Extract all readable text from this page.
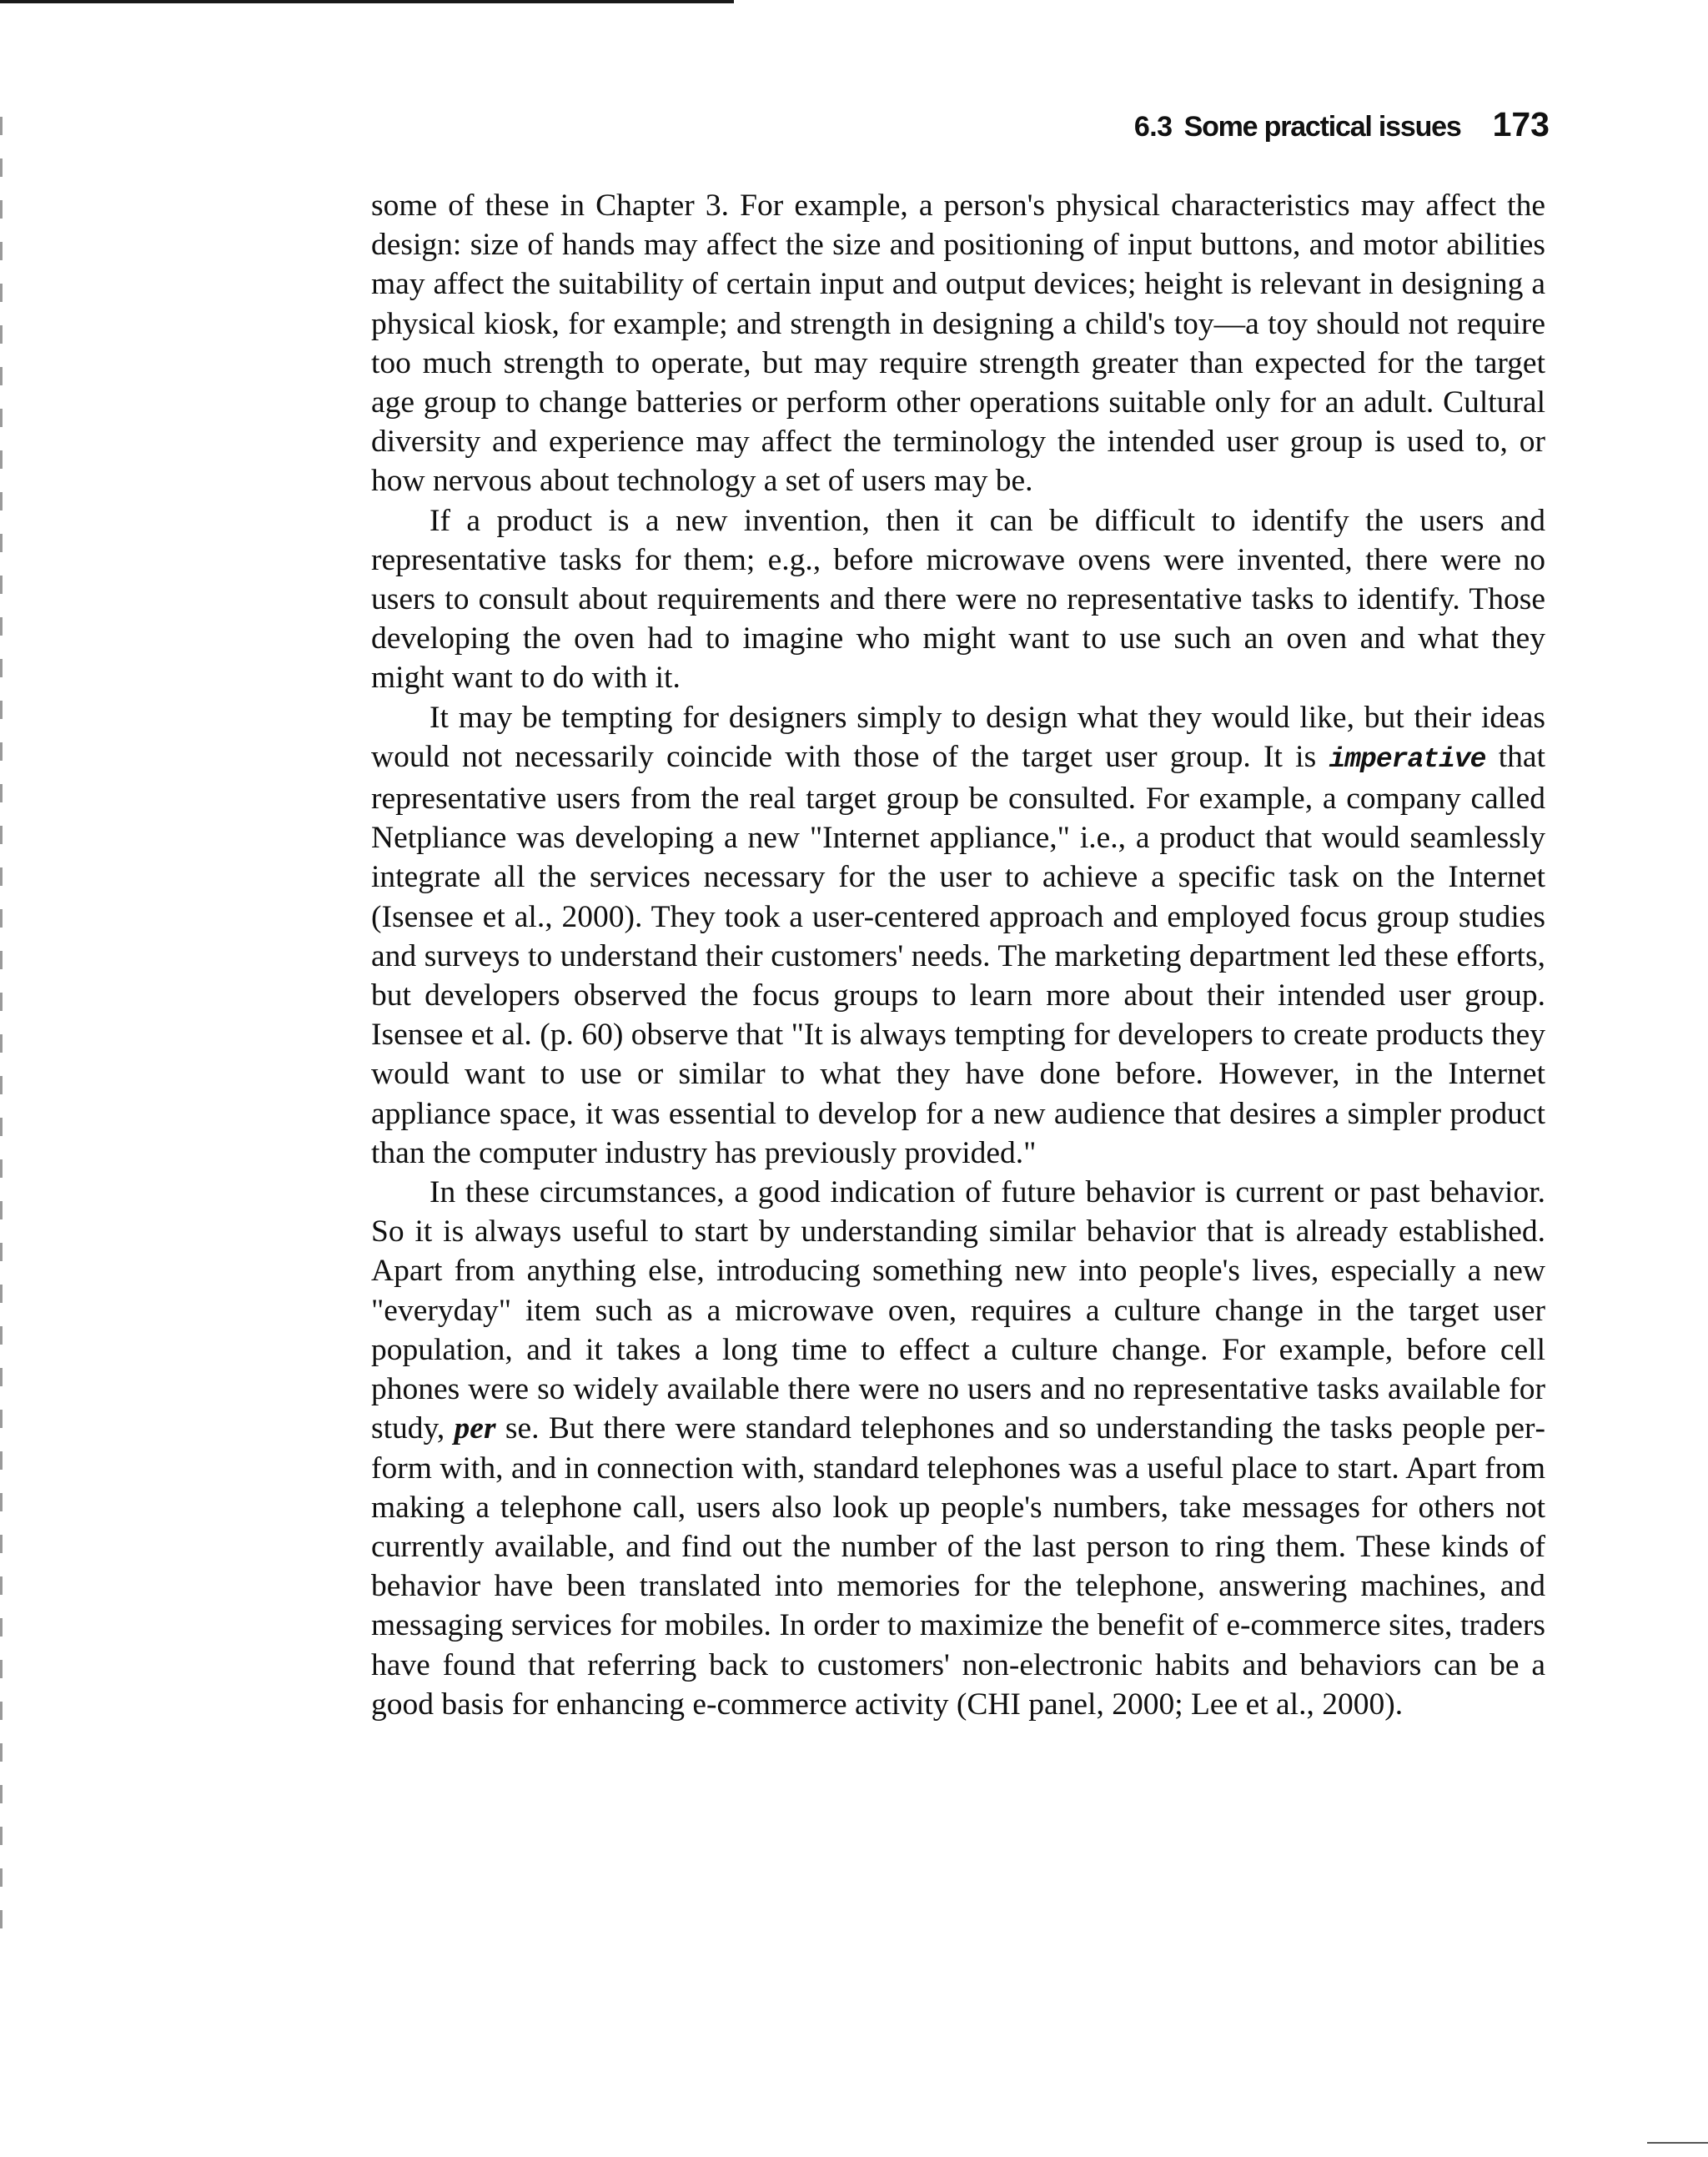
6.3 Some practical issues 173

some of these in Chapter 3. For example, a person's physical characteristics may affect the design: size of hands may affect the size and positioning of input buttons, and motor abilities may affect the suitability of certain input and output devices; height is relevant in designing a physical kiosk, for example; and strength in designing a child's toy—a toy should not require too much strength to operate, but may require strength greater than expected for the target age group to change batteries or perform other operations suitable only for an adult. Cultural diversity and experience may affect the terminology the intended user group is used to, or how nervous about technology a set of users may be.

If a product is a new invention, then it can be difficult to identify the users and representative tasks for them; e.g., before microwave ovens were invented, there were no users to consult about requirements and there were no representative tasks to identify. Those developing the oven had to imagine who might want to use such an oven and what they might want to do with it.

It may be tempting for designers simply to design what they would like, but their ideas would not necessarily coincide with those of the target user group. It is imperative that representative users from the real target group be consulted. For example, a company called Netpliance was developing a new "Internet appliance," i.e., a product that would seamlessly integrate all the services necessary for the user to achieve a specific task on the Internet (Isensee et al., 2000). They took a user-centered approach and employed focus group studies and surveys to understand their customers' needs. The marketing department led these efforts, but developers observed the focus groups to learn more about their intended user group. Isensee et al. (p. 60) observe that "It is always tempting for developers to create products they would want to use or similar to what they have done before. However, in the Internet appliance space, it was essential to develop for a new audience that desires a simpler product than the computer industry has previously provided."

In these circumstances, a good indication of future behavior is current or past behavior. So it is always useful to start by understanding similar behavior that is already established. Apart from anything else, introducing something new into people's lives, especially a new "everyday" item such as a microwave oven, requires a culture change in the target user population, and it takes a long time to effect a culture change. For example, before cell phones were so widely available there were no users and no representative tasks available for study, per se. But there were standard telephones and so understanding the tasks people perform with, and in connection with, standard telephones was a useful place to start. Apart from making a telephone call, users also look up people's numbers, take messages for others not currently available, and find out the number of the last person to ring them. These kinds of behavior have been translated into memories for the telephone, answering machines, and messaging services for mobiles. In order to maximize the benefit of e-commerce sites, traders have found that referring back to customers' non-electronic habits and behaviors can be a good basis for enhancing e-commerce activity (CHI panel, 2000; Lee et al., 2000).
